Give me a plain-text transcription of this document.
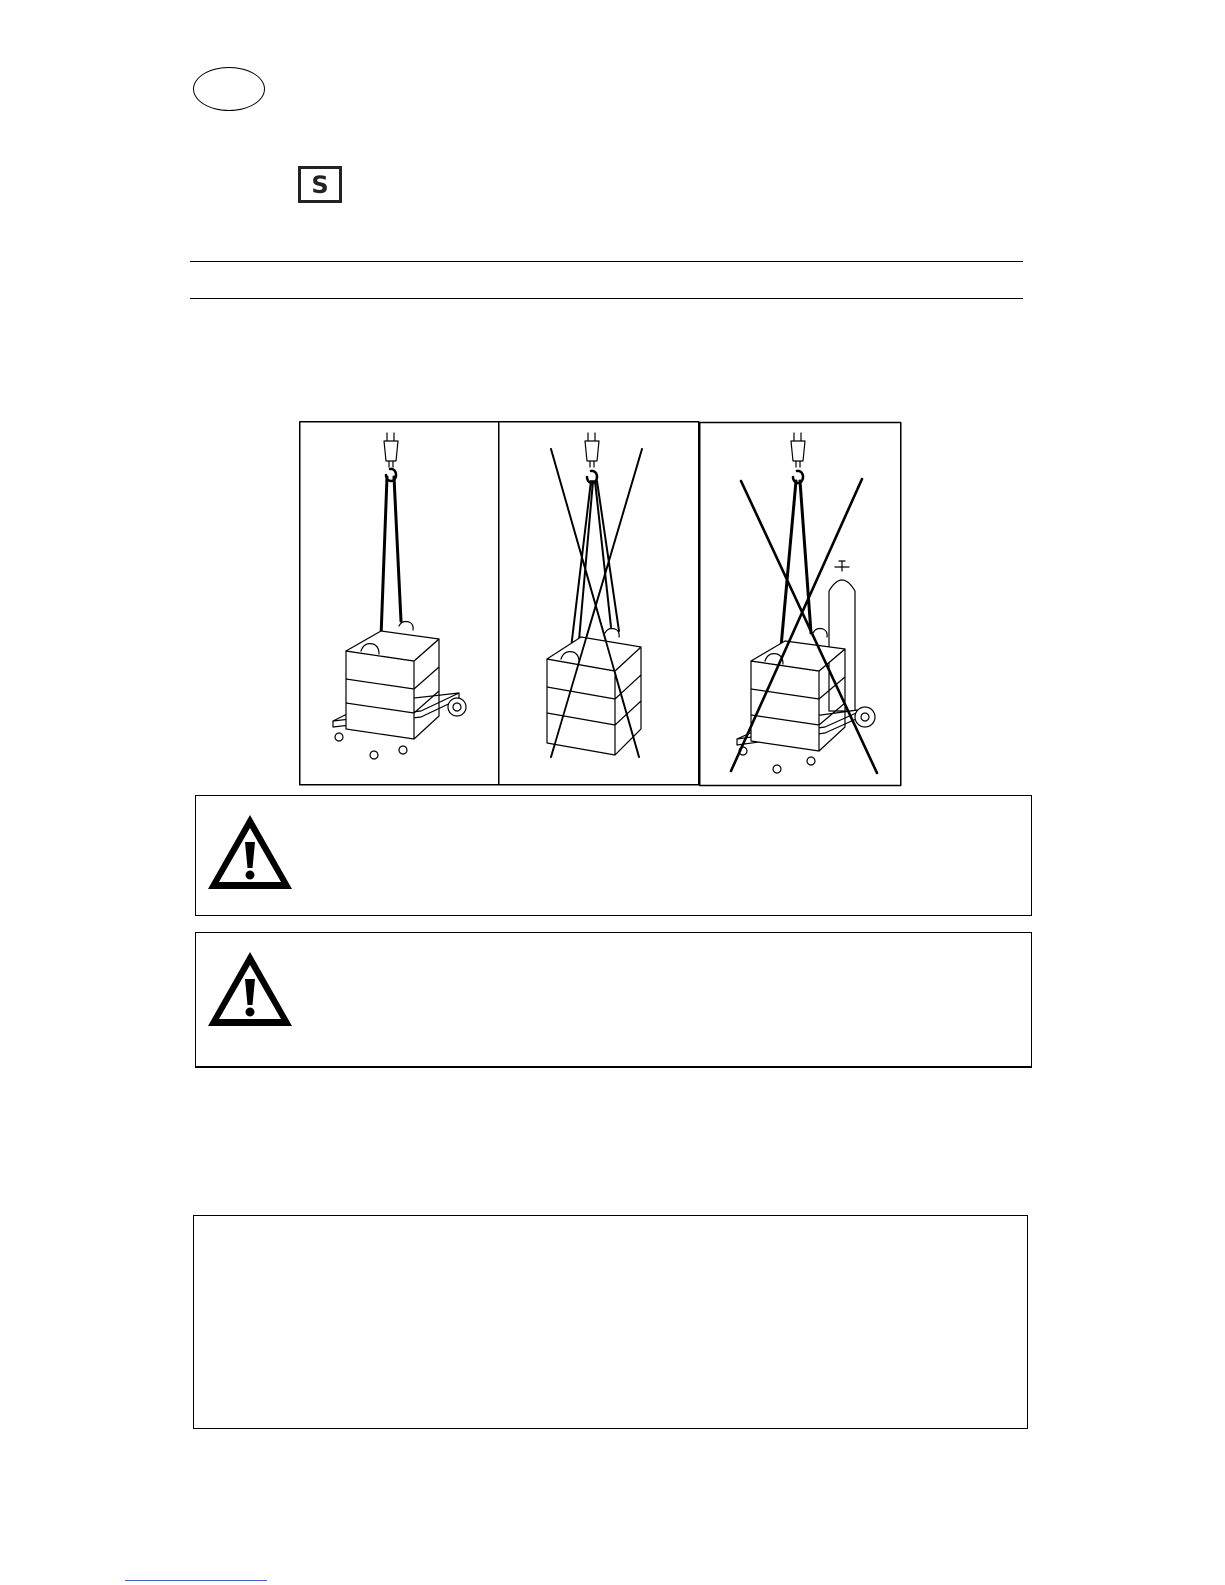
S
